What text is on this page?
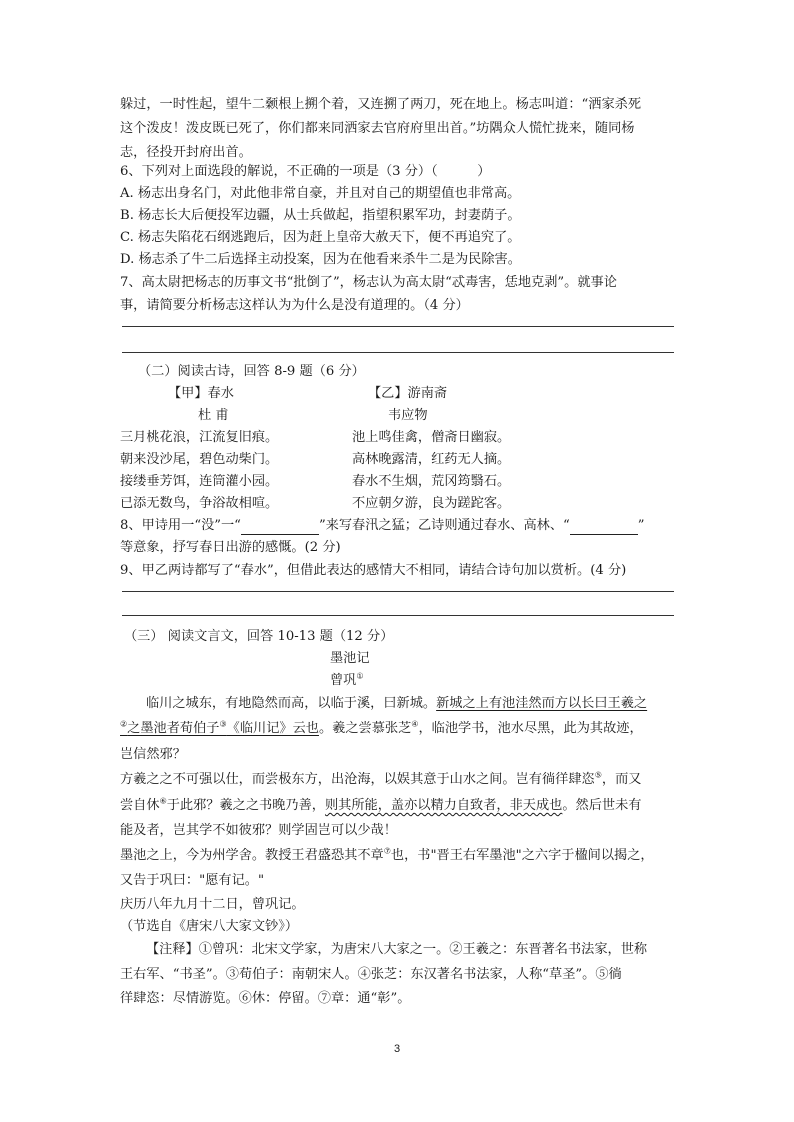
躲过，一时性起，望牛二颡根上搠个着，又连搠了两刀，死在地上。杨志叫道：“洒家杀死
这个泼皮！泼皮既已死了，你们都来同洒家去官府府里出首。”坊隅众人慌忙拢来，随同杨
志，径投开封府出首。
6、下列对上面选段的解说，不正确的一项是（3 分）（　　　）
A. 杨志出身名门，对此他非常自豪，并且对自己的期望值也非常高。
B. 杨志长大后便投军边疆，从士兵做起，指望积累军功，封妻荫子。
C. 杨志失陷花石纲逃跑后，因为赶上皇帝大赦天下，便不再追究了。
D. 杨志杀了牛二后选择主动投案，因为在他看来杀牛二是为民除害。
7、高太尉把杨志的历事文书“批倒了”，杨志认为高太尉“忒毒害，恁地克剥”。就事论
事，请简要分析杨志这样认为为什么是没有道理的。（4 分）
（二）阅读古诗，回答 8-9 题（6 分）
【甲】春水
杜 甫
三月桃花浪，江流复旧痕。
朝来没沙尾，碧色动柴门。
接缕垂芳饵，连筒灌小园。
已添无数鸟，争浴故相喧。
【乙】游南斋
韦应物
池上鸣佳禽，僧斋日幽寂。
高林晚露清，红药无人摘。
春水不生烟，荒冈筠翳石。
不应朝夕游，良为蹉跎客。
8、甲诗用一“没”一“	”来写春汛之猛；乙诗则通过春水、高林、“	”
等意象，抒写春日出游的感慨。(2 分)
9、甲乙两诗都写了“春水”，但借此表达的感情大不相同，请结合诗句加以赏析。(4 分)
（三） 阅读文言文，回答 10-13 题（12 分）
墨池记
曾巩①
临川之城东，有地隐然而高，以临于溪，曰新城。新城之上有池洼然而方以长曰王羲之
②之墨池者荀伯子③《临川记》云也。羲之尝慕张芝④，临池学书，池水尽黑，此为其故迹，
岂信然邪？
方羲之之不可强以仕，而尝极东方，出沧海，以娱其意于山水之间。岂有徜徉肆恣⑤，而又
尝自休⑥于此邪？羲之之书晚乃善，则其所能，盖亦以精力自致者，非天成也。然后世未有
能及者，岂其学不如彼邪？则学固岂可以少哉！
墨池之上，今为州学舍。教授王君盛恐其不章⑦也，书"晋王右军墨池"之六字于楹间以揭之，
又告于巩曰："愿有记。"
庆历八年九月十二日，曾巩记。
（节选自《唐宋八大家文钞》）
【注释】①曾巩：北宋文学家，为唐宋八大家之一。②王羲之：东晋著名书法家，世称
王右军、“书圣”。③荀伯子：南朝宋人。④张芝：东汉著名书法家，人称“草圣”。⑤徜
徉肆恣：尽情游览。⑥休：停留。⑦章：通“彰”。
3
